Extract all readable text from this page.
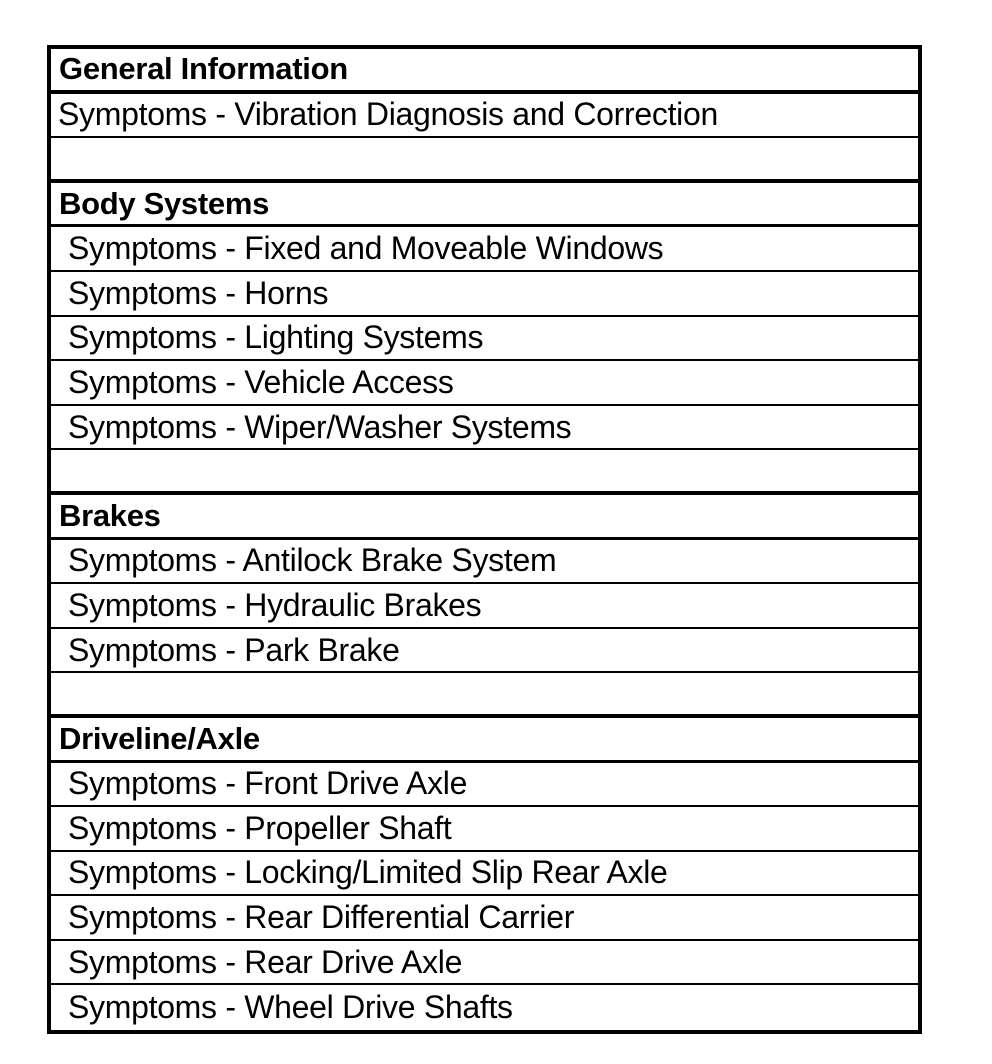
General Information
Symptoms - Vibration Diagnosis and Correction
Body Systems
Symptoms - Fixed and Moveable Windows
Symptoms - Horns
Symptoms - Lighting Systems
Symptoms - Vehicle Access
Symptoms - Wiper/Washer Systems
Brakes
Symptoms - Antilock Brake System
Symptoms - Hydraulic Brakes
Symptoms - Park Brake
Driveline/Axle
Symptoms - Front Drive Axle
Symptoms - Propeller Shaft
Symptoms - Locking/Limited Slip Rear Axle
Symptoms - Rear Differential Carrier
Symptoms - Rear Drive Axle
Symptoms - Wheel Drive Shafts
